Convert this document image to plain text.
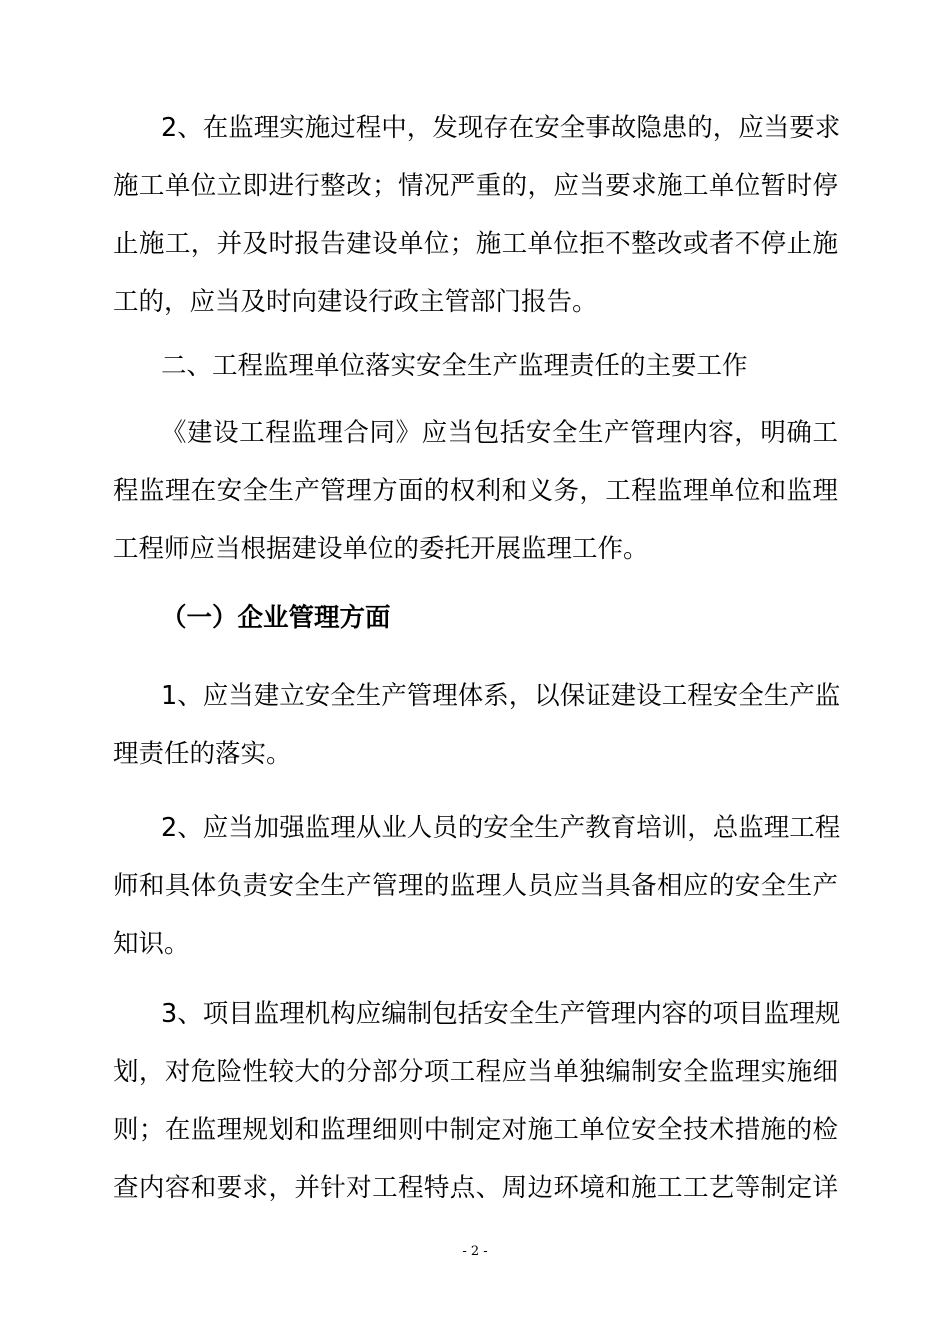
2、在监理实施过程中，发现存在安全事故隐患的，应当要求
施工单位立即进行整改；情况严重的，应当要求施工单位暂时停
止施工，并及时报告建设单位；施工单位拒不整改或者不停止施
工的，应当及时向建设行政主管部门报告。
二、工程监理单位落实安全生产监理责任的主要工作
《建设工程监理合同》应当包括安全生产管理内容，明确工
程监理在安全生产管理方面的权利和义务，工程监理单位和监理
工程师应当根据建设单位的委托开展监理工作。
（一）企业管理方面
1、应当建立安全生产管理体系，以保证建设工程安全生产监
理责任的落实。
2、应当加强监理从业人员的安全生产教育培训，总监理工程
师和具体负责安全生产管理的监理人员应当具备相应的安全生产
知识。
3、项目监理机构应编制包括安全生产管理内容的项目监理规
划，对危险性较大的分部分项工程应当单独编制安全监理实施细
则；在监理规划和监理细则中制定对施工单位安全技术措施的检
查内容和要求，并针对工程特点、周边环境和施工工艺等制定详
- 2 -
